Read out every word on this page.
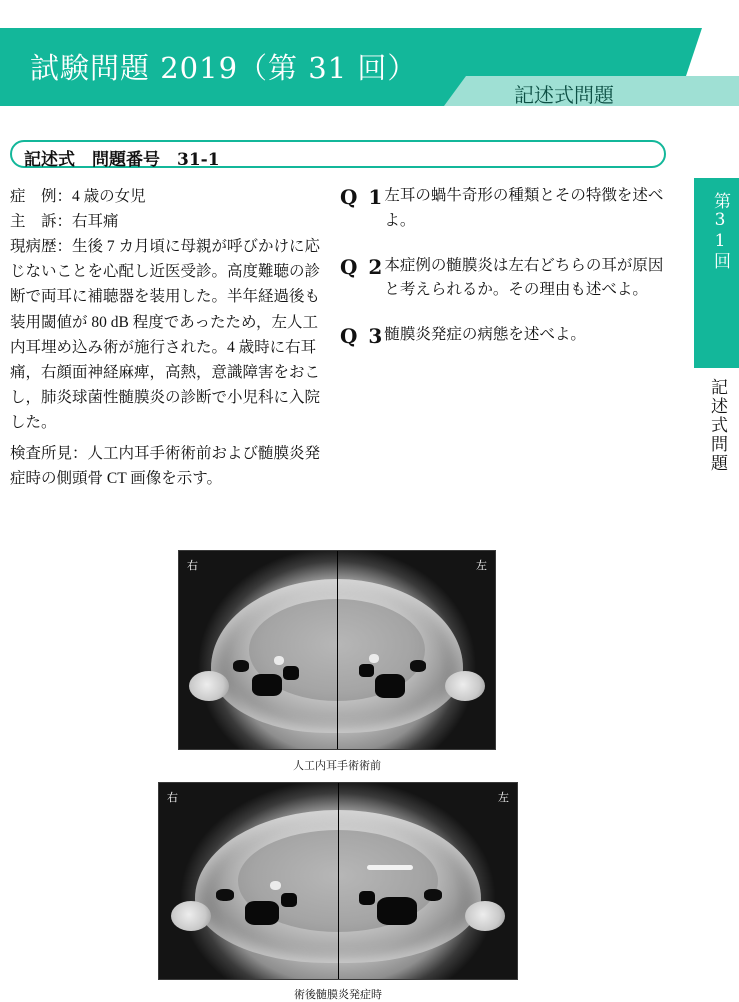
試験問題 2019（第 31 回）
記述式問題
記述式　問題番号　31-1
第31回
記述式問題
症　例：4 歳の女児
主　訴：右耳痛
現病歴：生後 7 カ月頃に母親が呼びかけに応じないことを心配し近医受診。高度難聴の診断で両耳に補聴器を装用した。半年経過後も装用閾値が 80 dB 程度であったため，左人工内耳埋め込み術が施行された。4 歳時に右耳痛，右顔面神経麻痺，高熱，意識障害をおこし，肺炎球菌性髄膜炎の診断で小児科に入院した。
検査所見：人工内耳手術術前および髄膜炎発症時の側頭骨 CT 画像を示す。
Q 1 左耳の蝸牛奇形の種類とその特徴を述べよ。
Q 2 本症例の髄膜炎は左右どちらの耳が原因と考えられるか。その理由も述べよ。
Q 3 髄膜炎発症の病態を述べよ。
右	左
人工内耳手術術前
右	左
術後髄膜炎発症時
